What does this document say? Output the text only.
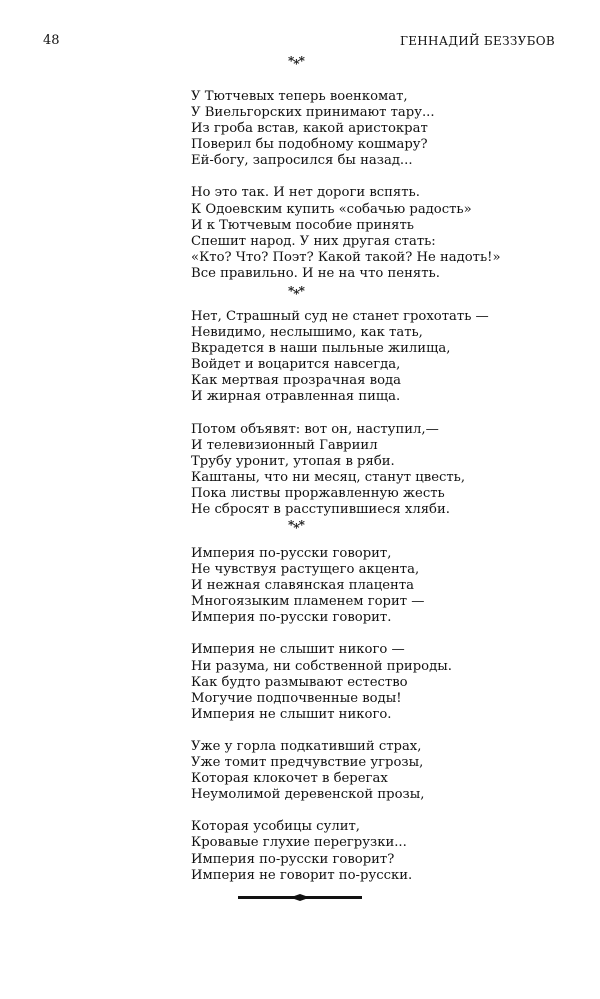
48	ГЕННАДИЙ БЕЗЗУБОВ
***
У Тютчевых теперь военкомат,
У Виельгорских принимают тару...
Из гроба встав, какой аристократ
Поверил бы подобному кошмару?
Ей-богу, запросился бы назад...
Но это так. И нет дороги вспять.
К Одоевским купить «собачью радость»
И к Тютчевым пособие принять
Спешит народ. У них другая стать:
«Кто? Что? Поэт? Какой такой? Не надоть!»
Все правильно. И не на что пенять.
***
Нет, Страшный суд не станет грохотать —
Невидимо, неслышимо, как тать,
Вкрадется в наши пыльные жилища,
Войдет и воцарится навсегда,
Как мертвая прозрачная вода
И жирная отравленная пища.
Потом объявят: вот он, наступил,—
И телевизионный Гавриил
Трубу уронит, утопая в ряби.
Каштаны, что ни месяц, станут цвесть,
Пока листвы проржавленную жесть
Не сбросят в расступившиеся хляби.
***
Империя по-русски говорит,
Не чувствуя растущего акцента,
И нежная славянская плацента
Многоязыким пламенем горит —
Империя по-русски говорит.
Империя не слышит никого —
Ни разума, ни собственной природы.
Как будто размывают естество
Могучие подпочвенные воды!
Империя не слышит никого.
Уже у горла подкативший страх,
Уже томит предчувствие угрозы,
Которая клокочет в берегах
Неумолимой деревенской прозы,
Которая усобицы сулит,
Кровавые глухие перегрузки...
Империя по-русски говорит?
Империя не говорит по-русски.
